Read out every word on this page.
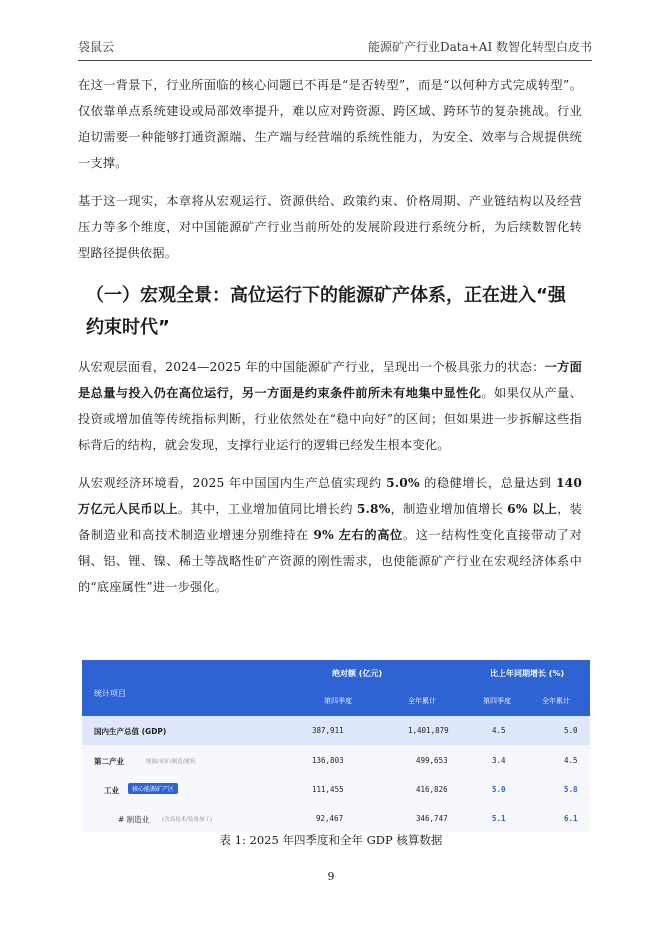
袋鼠云	能源矿产行业Data+AI 数智化转型白皮书

在这一背景下，行业所面临的核心问题已不再是“是否转型”，而是“以何种方式完成转型”。仅依靠单点系统建设或局部效率提升，难以应对跨资源、跨区域、跨环节的复杂挑战。行业迫切需要一种能够打通资源端、生产端与经营端的系统性能力，为安全、效率与合规提供统一支撑。

基于这一现实，本章将从宏观运行、资源供给、政策约束、价格周期、产业链结构以及经营压力等多个维度，对中国能源矿产行业当前所处的发展阶段进行系统分析，为后续数智化转型路径提供依据。

（一）宏观全景：高位运行下的能源矿产体系，正在进入“强约束时代”

从宏观层面看，2024—2025 年的中国能源矿产行业，呈现出一个极具张力的状态：一方面是总量与投入仍在高位运行，另一方面是约束条件前所未有地集中显性化。如果仅从产量、投资或增加值等传统指标判断，行业依然处在“稳中向好”的区间；但如果进一步拆解这些指标背后的结构，就会发现，支撑行业运行的逻辑已经发生根本变化。

从宏观经济环境看，2025 年中国国内生产总值实现约 5.0% 的稳健增长，总量达到 140 万亿元人民币以上。其中，工业增加值同比增长约 5.8%，制造业增加值增长 6% 以上，装备制造业和高技术制造业增速分别维持在 9% 左右的高位。这一结构性变化直接带动了对铜、铝、锂、镍、稀土等战略性矿产资源的刚性需求，也使能源矿产行业在宏观经济体系中的“底座属性”进一步强化。

统计项目
绝对额 (亿元)	比上年同期增长 (%)
第四季度	全年累计	第四季度	全年累计
国内生产总值 (GDP)	387,911	1,401,879	4.5	5.0
第二产业	能源/采矿/制造/建筑	136,803	499,653	3.4	4.5
工业	核心能源矿产区	111,455	416,826	5.0	5.8
# 制造业 (含高技术/装备加工)	92,467	346,747	5.1	6.1
表 1: 2025 年四季度和全年 GDP 核算数据
9
